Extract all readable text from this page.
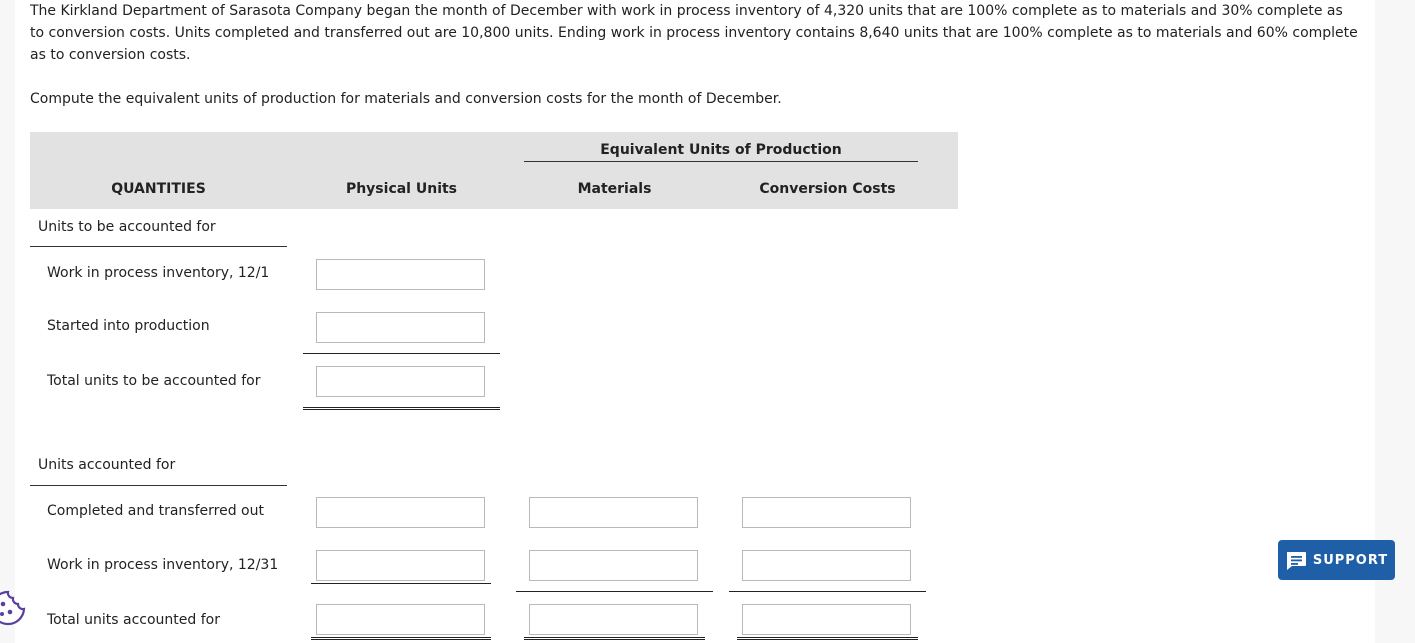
The Kirkland Department of Sarasota Company began the month of December with work in process inventory of 4,320 units that are 100% complete as to materials and 30% complete as to conversion costs. Units completed and transferred out are 10,800 units. Ending work in process inventory contains 8,640 units that are 100% complete as to materials and 60% complete as to conversion costs.
Compute the equivalent units of production for materials and conversion costs for the month of December.
QUANTITIES	Physical Units
Equivalent Units of Production
Materials	Conversion Costs
Units to be accounted for
Work in process inventory, 12/1
Started into production
Total units to be accounted for
Units accounted for
Completed and transferred out
Work in process inventory, 12/31
Total units accounted for
SUPPORT
